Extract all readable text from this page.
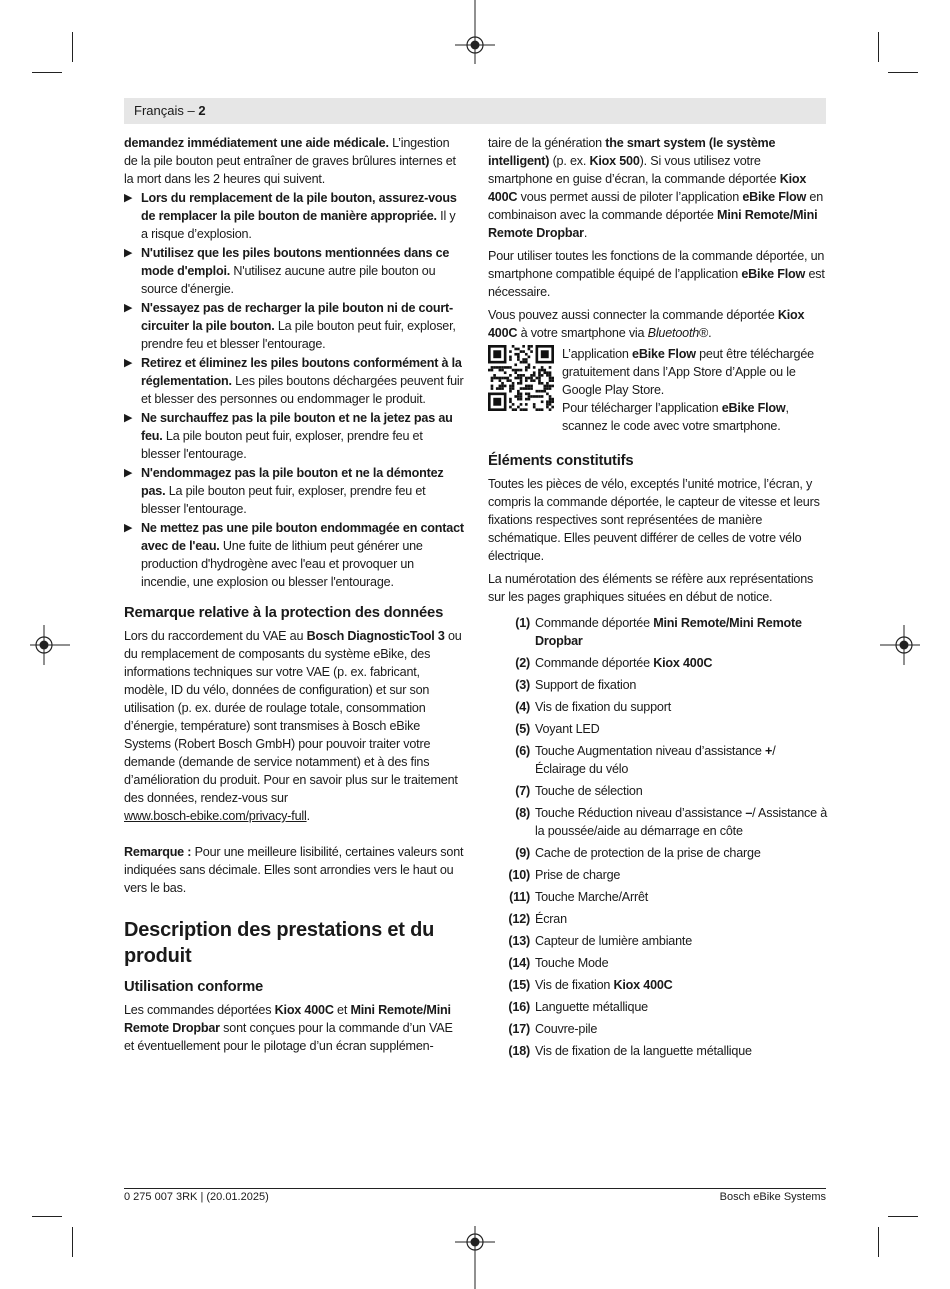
Français – 2

demandez immédiatement une aide médicale. L’ingestion de la pile bouton peut entraîner de graves brûlures internes et la mort dans les 2 heures qui suivent.

▶ Lors du remplacement de la pile bouton, assurez-vous de remplacer la pile bouton de manière appropriée. Il y a risque d’explosion.

▶ N'utilisez que les piles boutons mentionnées dans ce mode d'emploi. N'utilisez aucune autre pile bouton ou source d'énergie.

▶ N'essayez pas de recharger la pile bouton ni de court-circuiter la pile bouton. La pile bouton peut fuir, exploser, prendre feu et blesser l'entourage.

▶ Retirez et éliminez les piles boutons conformément à la réglementation. Les piles boutons déchargées peuvent fuir et blesser des personnes ou endommager le produit.

▶ Ne surchauffez pas la pile bouton et ne la jetez pas au feu. La pile bouton peut fuir, exploser, prendre feu et blesser l'entourage.

▶ N'endommagez pas la pile bouton et ne la démontez pas. La pile bouton peut fuir, exploser, prendre feu et blesser l'entourage.

▶ Ne mettez pas une pile bouton endommagée en contact avec de l'eau. Une fuite de lithium peut générer une production d'hydrogène avec l'eau et provoquer un incendie, une explosion ou blesser l'entourage.

Remarque relative à la protection des données

Lors du raccordement du VAE au Bosch DiagnosticTool 3 ou du remplacement de composants du système eBike, des informations techniques sur votre VAE (p. ex. fabricant, modèle, ID du vélo, données de configuration) et sur son utilisation (p. ex. durée de roulage totale, consommation d’énergie, température) sont transmises à Bosch eBike Systems (Robert Bosch GmbH) pour pouvoir traiter votre demande (demande de service notamment) et à des fins d’amélioration du produit. Pour en savoir plus sur le traitement des données, rendez-vous sur
www.bosch-ebike.com/privacy-full.

Remarque : Pour une meilleure lisibilité, certaines valeurs sont indiquées sans décimale. Elles sont arrondies vers le haut ou vers le bas.

Description des prestations et du produit

Utilisation conforme

Les commandes déportées Kiox 400C et Mini Remote/Mini Remote Dropbar sont conçues pour la commande d’un VAE et éventuellement pour le pilotage d’un écran supplémen-

taire de la génération the smart system (le système intelligent) (p. ex. Kiox 500). Si vous utilisez votre smartphone en guise d’écran, la commande déportée Kiox 400C vous permet aussi de piloter l’application eBike Flow en combinaison avec la commande déportée Mini Remote/Mini Remote Dropbar.

Pour utiliser toutes les fonctions de la commande déportée, un smartphone compatible équipé de l’application eBike Flow est nécessaire.

Vous pouvez aussi connecter la commande déportée Kiox 400C à votre smartphone via Bluetooth®.

L’application eBike Flow peut être téléchargée gratuitement dans l’App Store d’Apple ou le Google Play Store.

Pour télécharger l’application eBike Flow, scannez le code avec votre smartphone.

Éléments constitutifs

Toutes les pièces de vélo, exceptés l’unité motrice, l’écran, y compris la commande déportée, le capteur de vitesse et leurs fixations respectives sont représentées de manière schématique. Elles peuvent différer de celles de votre vélo électrique.

La numérotation des éléments se réfère aux représentations sur les pages graphiques situées en début de notice.

(1) Commande déportée Mini Remote/Mini Remote Dropbar
(2) Commande déportée Kiox 400C
(3) Support de fixation
(4) Vis de fixation du support
(5) Voyant LED
(6) Touche Augmentation niveau d’assistance +/ Éclairage du vélo
(7) Touche de sélection
(8) Touche Réduction niveau d’assistance –/ Assistance à la poussée/aide au démarrage en côte
(9) Cache de protection de la prise de charge
(10) Prise de charge
(11) Touche Marche/Arrêt
(12) Écran
(13) Capteur de lumière ambiante
(14) Touche Mode
(15) Vis de fixation Kiox 400C
(16) Languette métallique
(17) Couvre-pile
(18) Vis de fixation de la languette métallique
0 275 007 3RK | (20.01.2025)	Bosch eBike Systems
